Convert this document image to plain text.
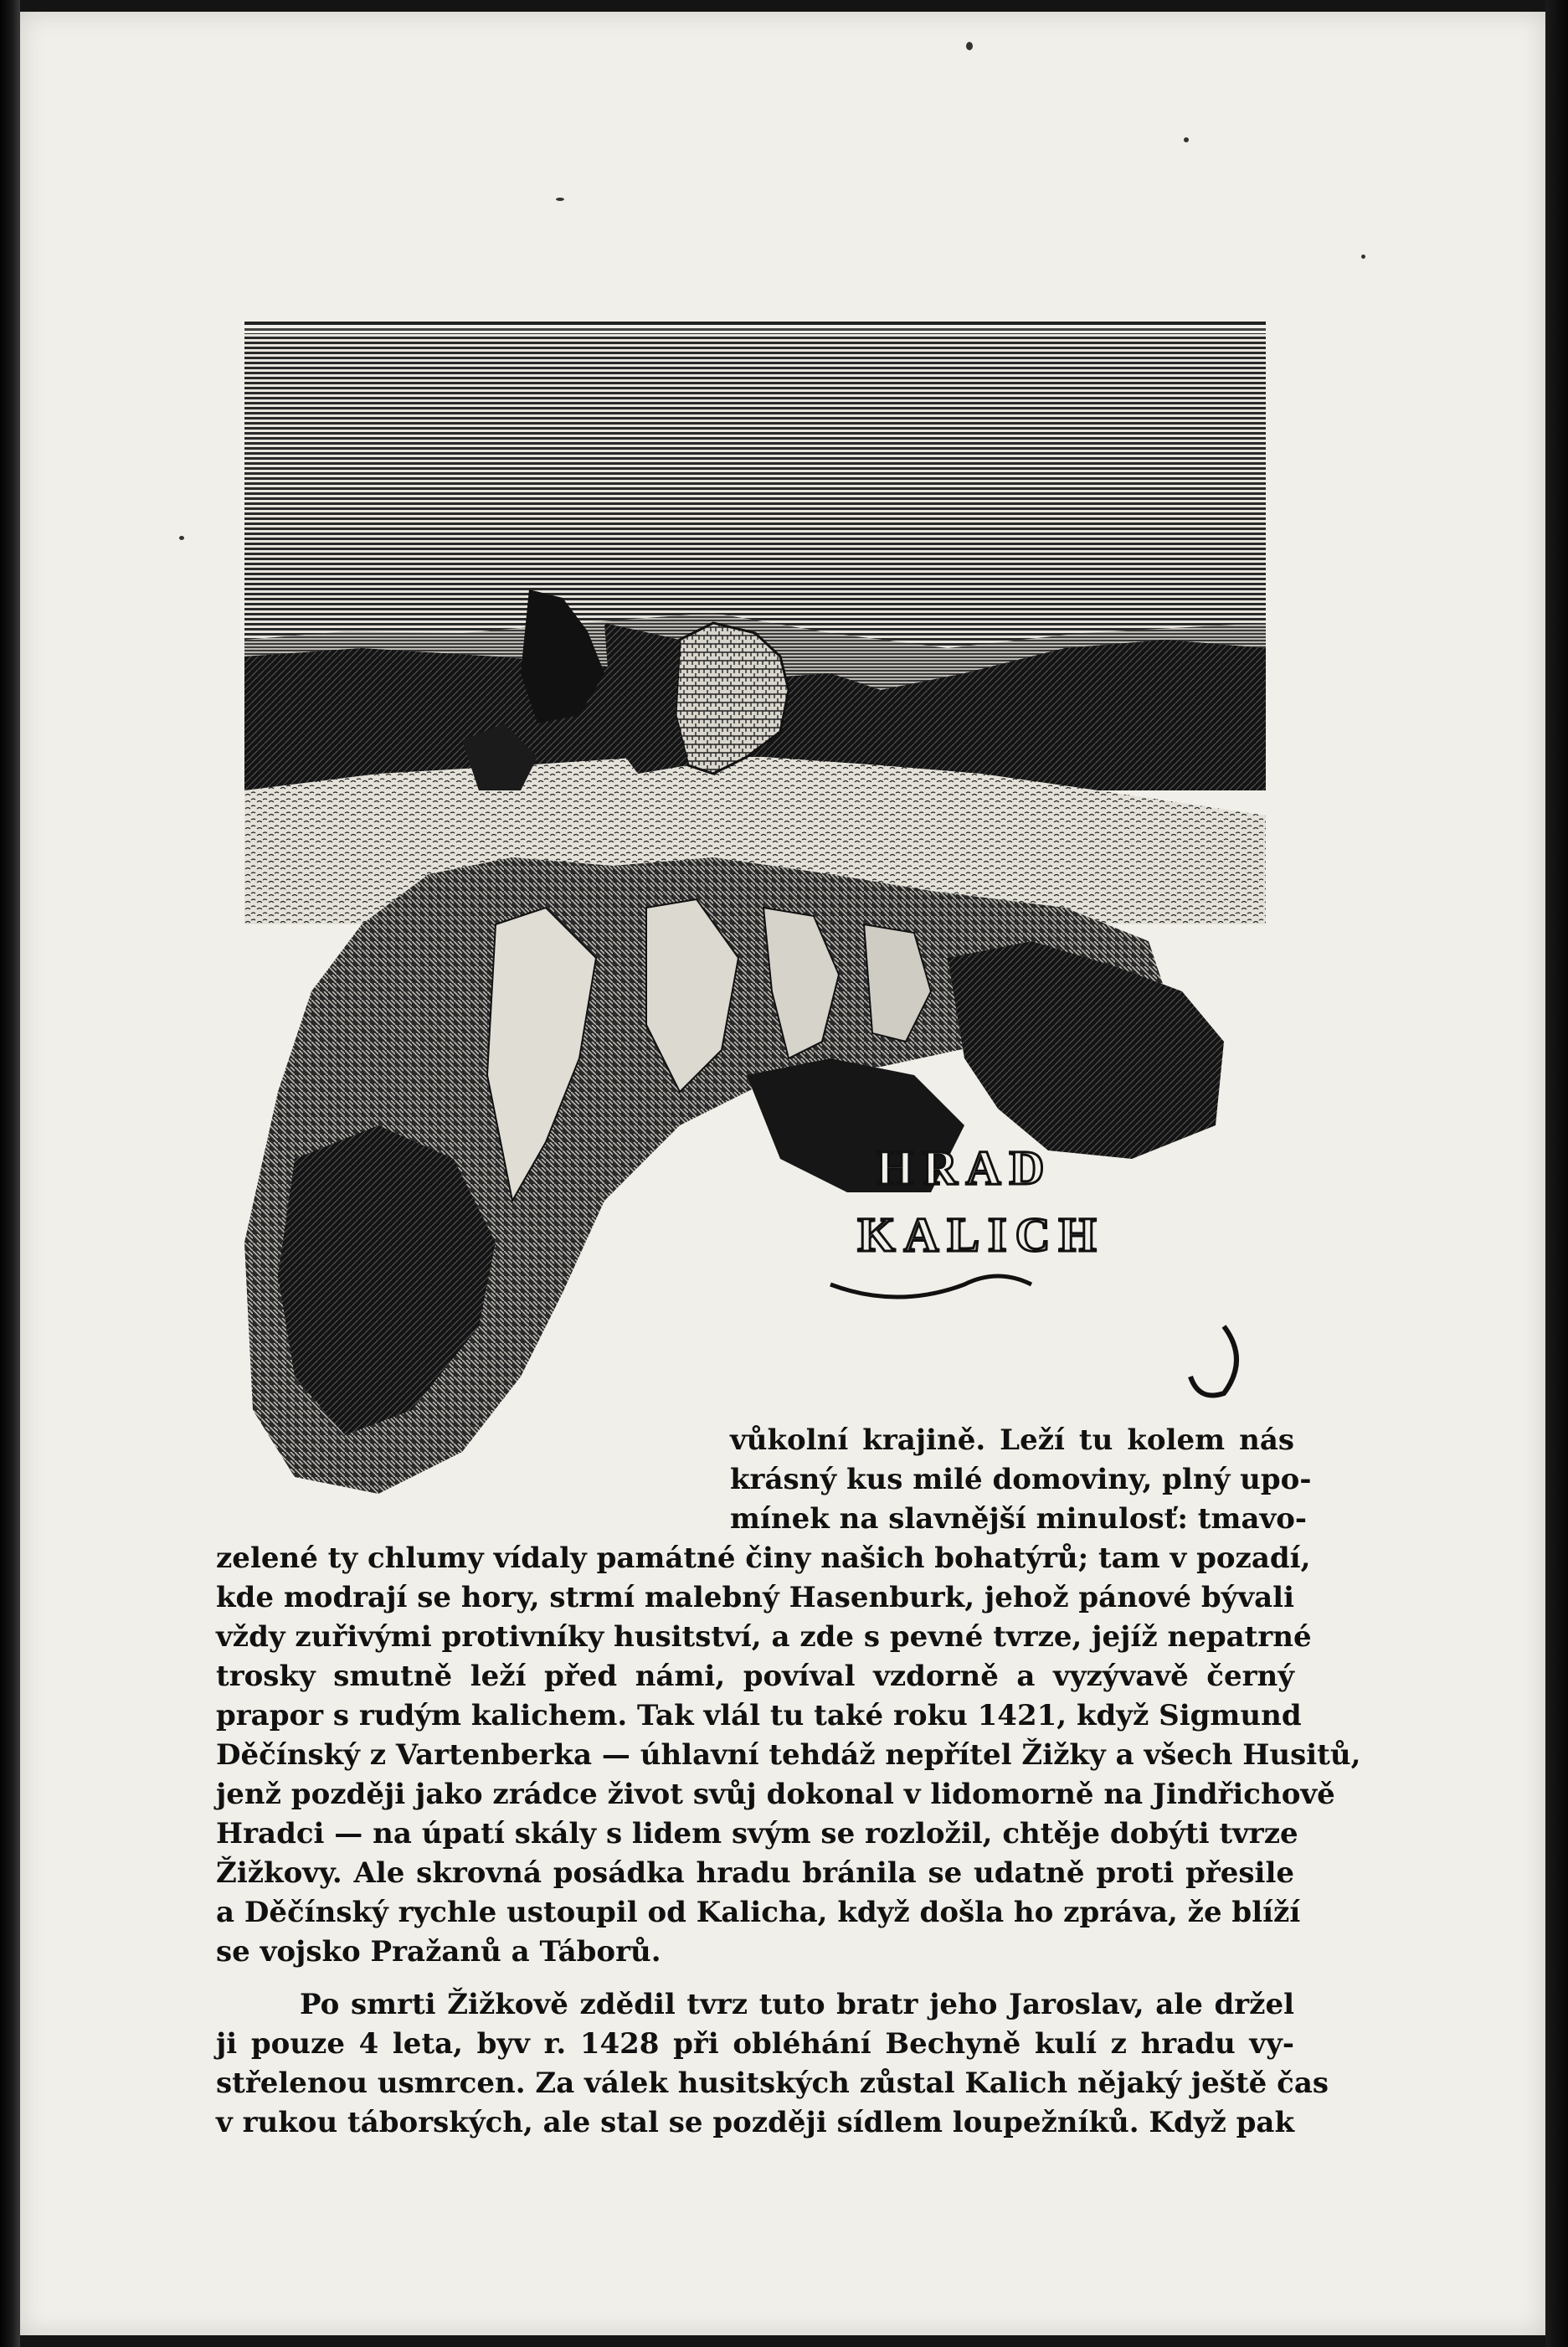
HRAD
KALICH
vůkolní krajině. Leží tu kolem nás
krásný kus milé domoviny, plný upo-
mínek na slavnější minulosť: tmavo-
zelené ty chlumy vídaly památné činy našich bohatýrů; tam v pozadí,
kde modrají se hory, strmí malebný Hasenburk, jehož pánové bývali
vždy zuřivými protivníky husitství, a zde s pevné tvrze, jejíž nepatrné
trosky smutně leží před námi, povíval vzdorně a vyzývavě černý
prapor s rudým kalichem. Tak vlál tu také roku 1421, když Sigmund
Děčínský z Vartenberka — úhlavní tehdáž nepřítel Žižky a všech Husitů,
jenž později jako zrádce život svůj dokonal v lidomorně na Jindřichově
Hradci — na úpatí skály s lidem svým se rozložil, chtěje dobýti tvrze
Žižkovy. Ale skrovná posádka hradu bránila se udatně proti přesile
a Děčínský rychle ustoupil od Kalicha, když došla ho zpráva, že blíží
se vojsko Pražanů a Táborů.
Po smrti Žižkově zdědil tvrz tuto bratr jeho Jaroslav, ale držel
ji pouze 4 leta, byv r. 1428 při obléhání Bechyně kulí z hradu vy-
střelenou usmrcen. Za válek husitských zůstal Kalich nějaký ještě čas
v rukou táborských, ale stal se později sídlem loupežníků. Když pak
